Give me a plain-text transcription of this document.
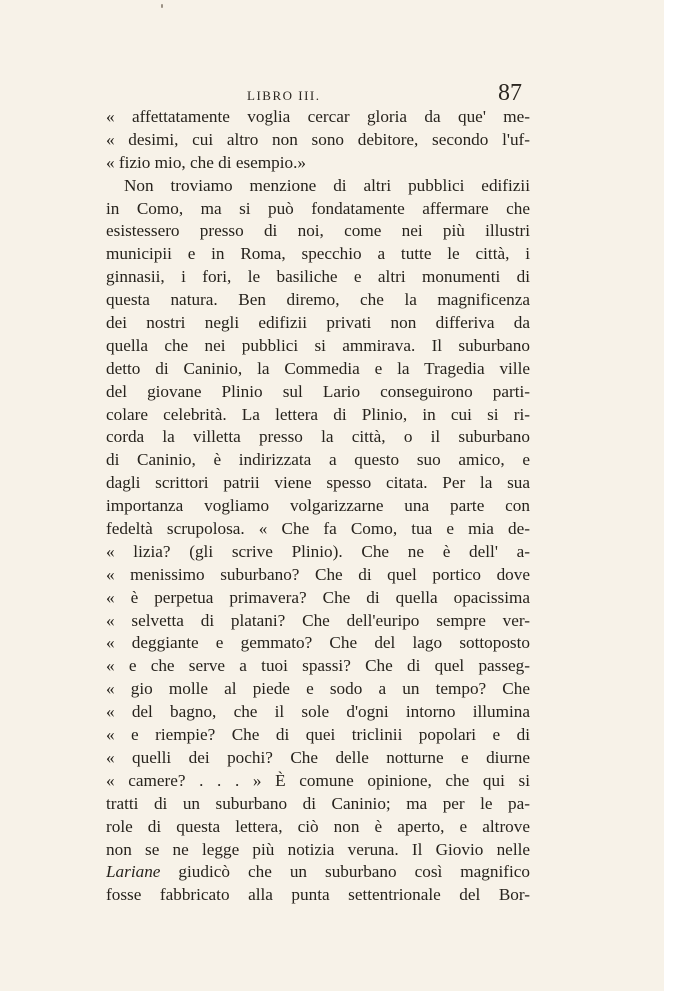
LIBRO III.	87
« affettatamente voglia cercar gloria da que' me-
« desimi, cui altro non sono debitore, secondo l'uf-
« fizio mio, che di esempio.»
Non troviamo menzione di altri pubblici edifizii
in Como, ma si può fondatamente affermare che
esistessero presso di noi, come nei più illustri
municipii e in Roma, specchio a tutte le città, i
ginnasii, i fori, le basiliche e altri monumenti di
questa natura. Ben diremo, che la magnificenza
dei nostri negli edifizii privati non differiva da
quella che nei pubblici si ammirava. Il suburbano
detto di Caninio, la Commedia e la Tragedia ville
del giovane Plinio sul Lario conseguirono parti-
colare celebrità. La lettera di Plinio, in cui si ri-
corda la villetta presso la città, o il suburbano
di Caninio, è indirizzata a questo suo amico, e
dagli scrittori patrii viene spesso citata. Per la sua
importanza vogliamo volgarizzarne una parte con
fedeltà scrupolosa. « Che fa Como, tua e mia de-
« lizia? (gli scrive Plinio). Che ne è dell' a-
« menissimo suburbano? Che di quel portico dove
« è perpetua primavera? Che di quella opacissima
« selvetta di platani? Che dell'euripo sempre ver-
« deggiante e gemmato? Che del lago sottoposto
« e che serve a tuoi spassi? Che di quel passeg-
« gio molle al piede e sodo a un tempo? Che
« del bagno, che il sole d'ogni intorno illumina
« e riempie? Che di quei triclinii popolari e di
« quelli dei pochi? Che delle notturne e diurne
« camere? . . . » È comune opinione, che qui si
tratti di un suburbano di Caninio; ma per le pa-
role di questa lettera, ciò non è aperto, e altrove
non se ne legge più notizia veruna. Il Giovio nelle
Lariane giudicò che un suburbano così magnifico
fosse fabbricato alla punta settentrionale del Bor-
